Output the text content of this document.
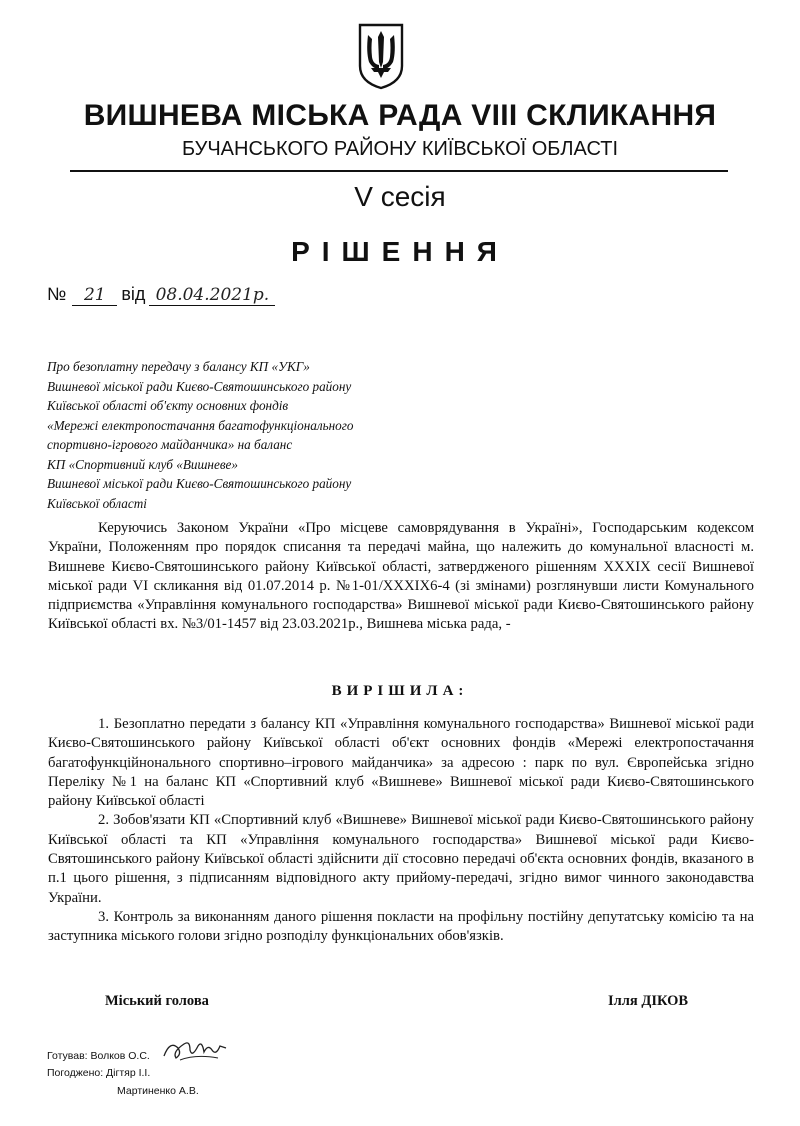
ВИШНЕВА МІСЬКА РАДА VIII СКЛИКАННЯ
БУЧАНСЬКОГО РАЙОНУ КИЇВСЬКОЇ ОБЛАСТІ
V сесія
РІШЕННЯ
№ 21 від 08.04.2021р.
Про безоплатну передачу з балансу КП «УКГ»
Вишневої міської ради Києво-Святошинського району
Київської області об'єкту основних фондів
«Мережі електропостачання багатофункціонального
спортивно-ігрового майданчика» на баланс
КП «Спортивний клуб «Вишневе»
Вишневої міської ради Києво-Святошинського району
Київської області
Керуючись Законом України «Про місцеве самоврядування в Україні», Господарським кодексом України, Положенням про порядок списання та передачі майна, що належить до комунальної власності м. Вишневе Києво-Святошинського району Київської області, затвердженого рішенням XXXIX сесії Вишневої міської ради VI скликання від 01.07.2014 р. №1-01/XXXIX6-4 (зі змінами) розглянувши листи Комунального підприємства «Управління комунального господарства» Вишневої міської ради Києво-Святошинського району Київської області вх. №3/01-1457 від 23.03.2021р., Вишнева міська рада, -
ВИРІШИЛА:

1. Безоплатно передати з балансу КП «Управління комунального господарства» Вишневої міської ради Києво-Святошинського району Київської області об'єкт основних фондів «Мережі електропостачання багатофункційнонального спортивно–ігрового майданчика» за адресою : парк по вул. Європейська згідно Переліку №1 на баланс КП «Спортивний клуб «Вишневе» Вишневої міської ради Києво-Святошинського району Київської області

2. Зобов'язати КП «Спортивний клуб «Вишневе» Вишневої міської ради Києво-Святошинського району Київської області та КП «Управління комунального господарства» Вишневої міської ради Києво-Святошинського району Київської області здійснити дії стосовно передачі об'єкта основних фондів, вказаного в п.1 цього рішення, з підписанням відповідного акту прийому-передачі, згідно вимог чинного законодавства України.

3. Контроль за виконанням даного рішення покласти на профільну постійну депутатську комісію та на заступника міського голови згідно розподілу функціональних обов'язків.

Міський голова	Ілля ДІКОВ
Готував: Волков О.С.
Погоджено: Дігтяр І.І.
Мартиненко А.В.
